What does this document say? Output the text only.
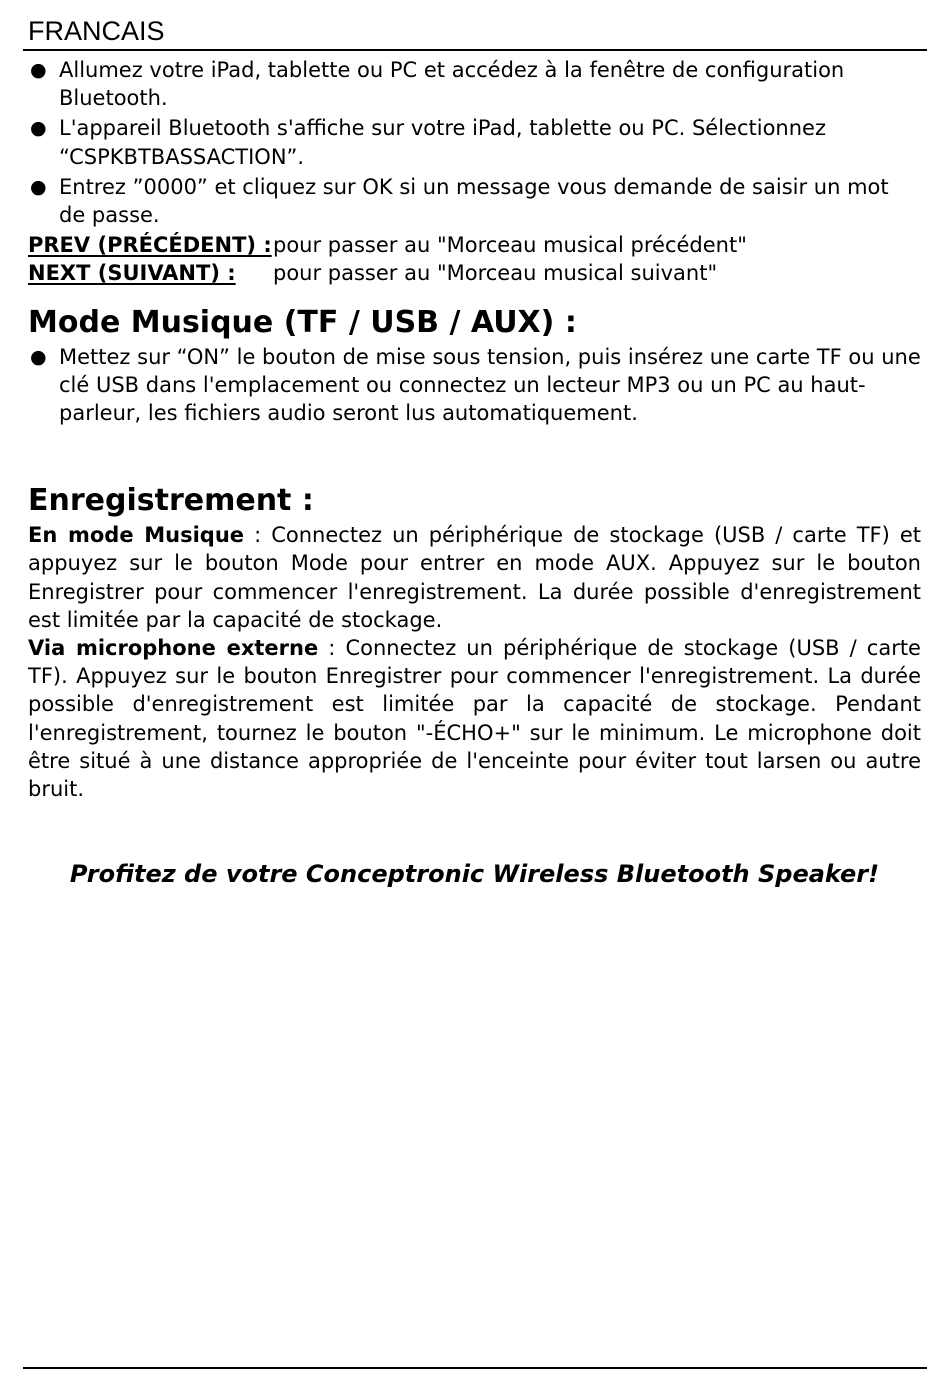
FRANCAIS
● Allumez votre iPad, tablette ou PC et accédez à la fenêtre de configuration Bluetooth.
● L'appareil Bluetooth s'affiche sur votre iPad, tablette ou PC. Sélectionnez “CSPKBTBASSACTION”.
● Entrez ”0000” et cliquez sur OK si un message vous demande de saisir un mot de passe.
PREV (PRÉCÉDENT) : pour passer au "Morceau musical précédent"
NEXT (SUIVANT) :	pour passer au "Morceau musical suivant"
Mode Musique (TF / USB / AUX) :
● Mettez sur “ON” le bouton de mise sous tension, puis insérez une carte TF ou une clé USB dans l'emplacement ou connectez un lecteur MP3 ou un PC au haut-parleur, les fichiers audio seront lus automatiquement.
Enregistrement :

En mode Musique : Connectez un périphérique de stockage (USB / carte TF) et appuyez sur le bouton Mode pour entrer en mode AUX. Appuyez sur le bouton Enregistrer pour commencer l'enregistrement. La durée possible d'enregistrement est limitée par la capacité de stockage.

Via microphone externe : Connectez un périphérique de stockage (USB / carte TF). Appuyez sur le bouton Enregistrer pour commencer l'enregistrement. La durée possible d'enregistrement est limitée par la capacité de stockage. Pendant l'enregistrement, tournez le bouton "-ÉCHO+" sur le minimum. Le microphone doit être situé à une distance appropriée de l'enceinte pour éviter tout larsen ou autre bruit.

Profitez de votre Conceptronic Wireless Bluetooth Speaker!
